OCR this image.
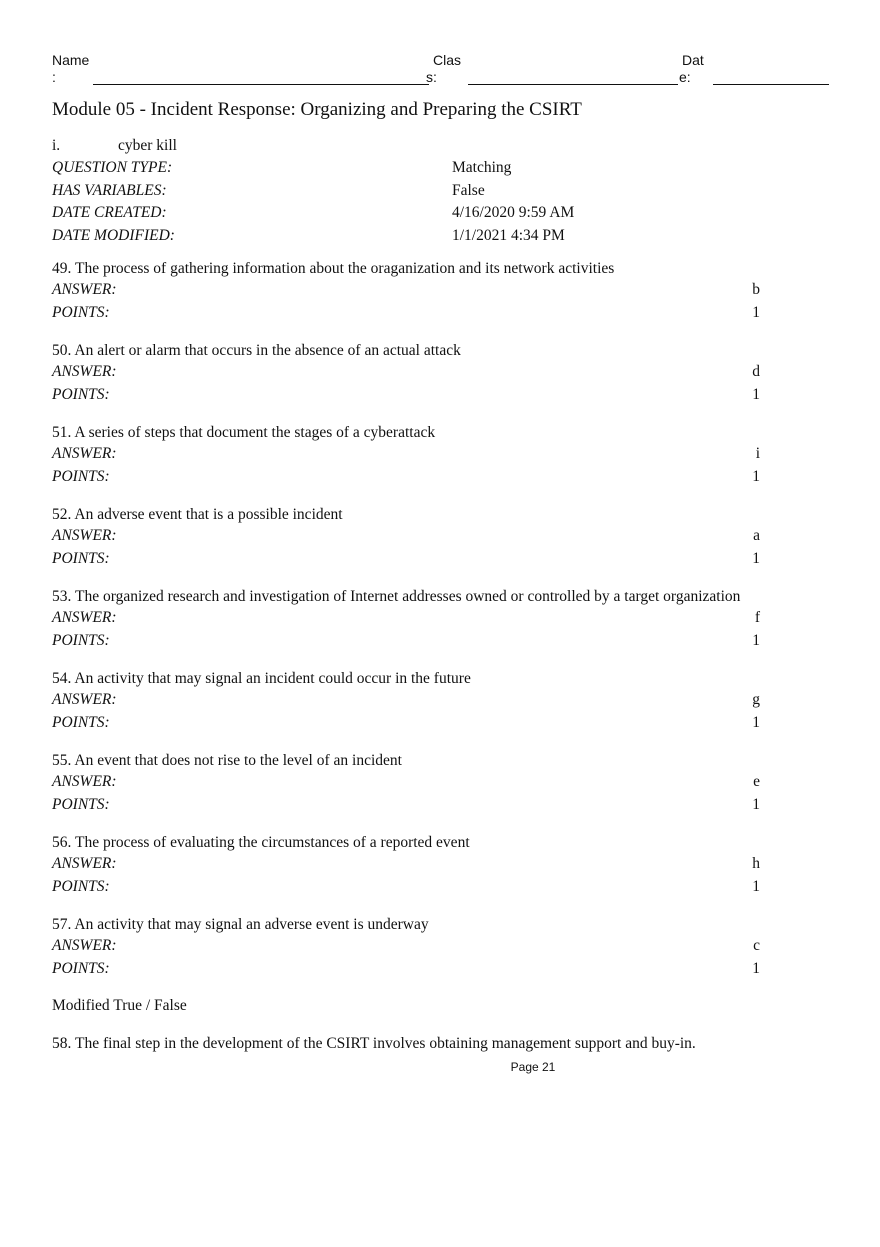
Name
:
Clas
s:
Dat
e:
Module 05 - Incident Response: Organizing and Preparing the CSIRT
i.	cyber kill
QUESTION TYPE:	Matching
HAS VARIABLES:	False
DATE CREATED:	4/16/2020 9:59 AM
DATE MODIFIED:	1/1/2021 4:34 PM
49. The process of gathering information about the oraganization and its network activities
ANSWER:	b
POINTS:	1
50. An alert or alarm that occurs in the absence of an actual attack
ANSWER:	d
POINTS:	1
51. A series of steps that document the stages of a cyberattack
ANSWER:	i
POINTS:	1
52. An adverse event that is a possible incident
ANSWER:	a
POINTS:	1
53. The organized research and investigation of Internet addresses owned or controlled by a target organization
ANSWER:	f
POINTS:	1
54. An activity that may signal an incident could occur in the future
ANSWER:	g
POINTS:	1
55. An event that does not rise to the level of an incident
ANSWER:	e
POINTS:	1
56. The process of evaluating the circumstances of a reported event
ANSWER:	h
POINTS:	1
57. An activity that may signal an adverse event is underway
ANSWER:	c
POINTS:	1
Modified True / False
58. The final step in the development of the CSIRT involves obtaining management support and buy-in.
Page 21
